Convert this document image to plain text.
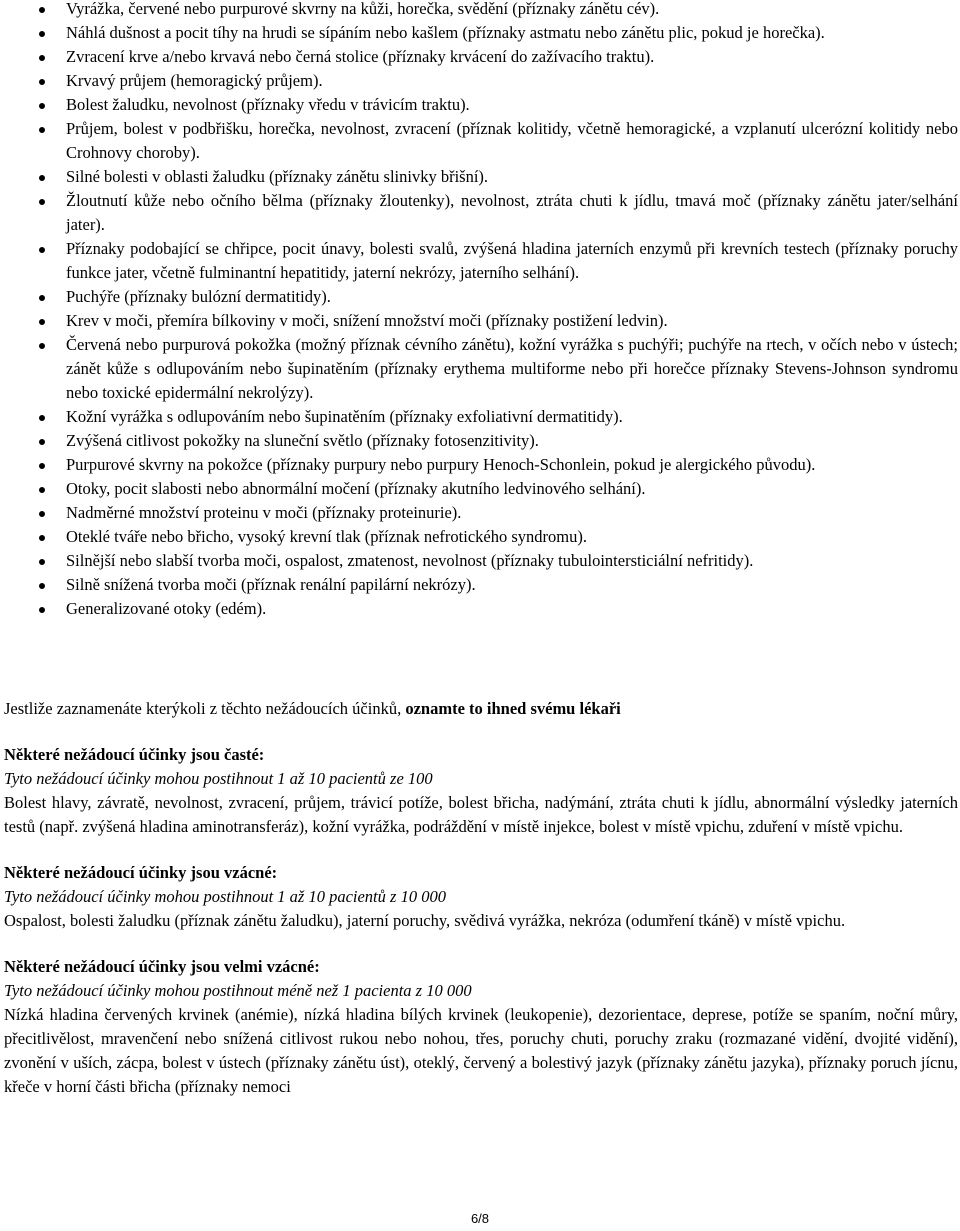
Vyrážka, červené nebo purpurové skvrny na kůži, horečka, svědění (příznaky zánětu cév).
Náhlá dušnost a pocit tíhy na hrudi se sípáním nebo kašlem (příznaky astmatu nebo zánětu plic, pokud je horečka).
Zvracení krve a/nebo krvavá nebo černá stolice (příznaky krvácení do zažívacího traktu).
Krvavý průjem (hemoragický průjem).
Bolest žaludku, nevolnost (příznaky vředu v trávicím traktu).
Průjem, bolest v podbřišku, horečka, nevolnost, zvracení (příznak kolitidy, včetně hemoragické, a vzplanutí ulcerózní kolitidy nebo Crohnovy choroby).
Silné bolesti v oblasti žaludku (příznaky zánětu slinivky břišní).
Žloutnutí kůže nebo očního bělma (příznaky žloutenky), nevolnost, ztráta chuti k jídlu, tmavá moč (příznaky zánětu jater/selhání jater).
Příznaky podobající se chřipce, pocit únavy, bolesti svalů, zvýšená hladina jaterních enzymů při krevních testech (příznaky poruchy funkce jater, včetně fulminantní hepatitidy, jaterní nekrózy, jaterního selhání).
Puchýře (příznaky bulózní dermatitidy).
Krev v moči, přemíra bílkoviny v moči, snížení množství moči (příznaky postižení ledvin).
Červená nebo purpurová pokožka (možný příznak cévního zánětu), kožní vyrážka s puchýři; puchýře na rtech, v očích nebo v ústech; zánět kůže s odlupováním nebo šupinatěním (příznaky erythema multiforme nebo při horečce příznaky Stevens-Johnson syndromu nebo toxické epidermální nekrolýzy).
Kožní vyrážka s odlupováním nebo šupinatěním (příznaky exfoliativní dermatitidy).
Zvýšená citlivost pokožky na sluneční světlo (příznaky fotosenzitivity).
Purpurové skvrny na pokožce (příznaky purpury nebo purpury Henoch-Schonlein, pokud je alergického původu).
Otoky, pocit slabosti nebo abnormální močení (příznaky akutního ledvinového selhání).
Nadměrné množství proteinu v moči (příznaky proteinurie).
Oteklé tváře nebo břicho, vysoký krevní tlak (příznak nefrotického syndromu).
Silnější nebo slabší tvorba moči, ospalost, zmatenost, nevolnost (příznaky tubulointersticiální nefritidy).
Silně snížená tvorba moči (příznak renální papilární nekrózy).
Generalizované otoky (edém).
Jestliže zaznamenáte kterýkoli z těchto nežádoucích účinků, oznamte to ihned svému lékaři
Některé nežádoucí účinky jsou časté:
Tyto nežádoucí účinky mohou postihnout 1 až 10 pacientů ze 100
Bolest hlavy, závratě, nevolnost, zvracení, průjem, trávicí potíže, bolest břicha, nadýmání, ztráta chuti k jídlu, abnormální výsledky jaterních testů (např. zvýšená hladina aminotransferáz), kožní vyrážka, podráždění v místě injekce, bolest v místě vpichu, zduření v místě vpichu.
Některé nežádoucí účinky jsou vzácné:
Tyto nežádoucí účinky mohou postihnout 1 až 10 pacientů z 10 000
Ospalost, bolesti žaludku (příznak zánětu žaludku), jaterní poruchy, svědivá vyrážka, nekróza (odumření tkáně) v místě vpichu.
Některé nežádoucí účinky jsou velmi vzácné:
Tyto nežádoucí účinky mohou postihnout méně než 1 pacienta z 10 000
Nízká hladina červených krvinek (anémie), nízká hladina bílých krvinek (leukopenie), dezorientace, deprese, potíže se spaním, noční můry, přecitlivělost, mravenčení nebo snížená citlivost rukou nebo nohou, třes, poruchy chuti, poruchy zraku (rozmazané vidění, dvojité vidění), zvonění v uších, zácpa, bolest v ústech (příznaky zánětu úst), oteklý, červený a bolestivý jazyk (příznaky zánětu jazyka), příznaky poruch jícnu, křeče v horní části břicha (příznaky nemoci
6/8
